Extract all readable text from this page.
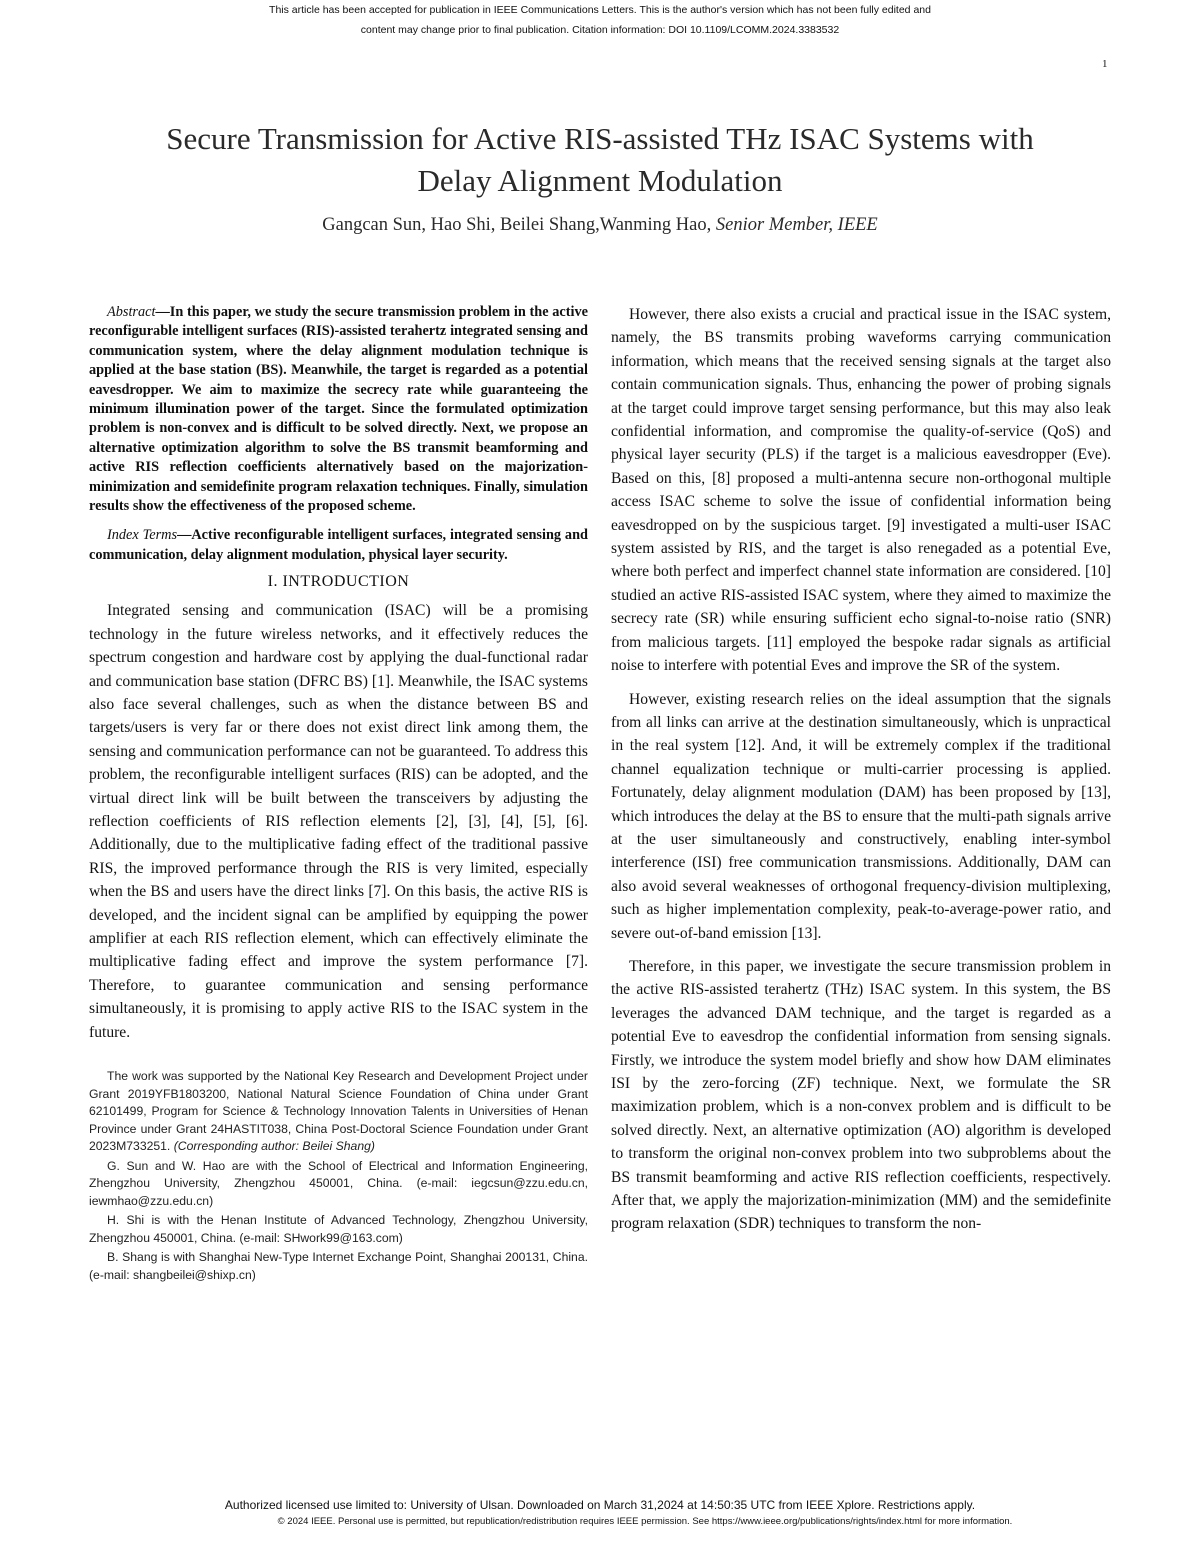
This article has been accepted for publication in IEEE Communications Letters. This is the author's version which has not been fully edited and
content may change prior to final publication. Citation information: DOI 10.1109/LCOMM.2024.3383532
1
Secure Transmission for Active RIS-assisted THz ISAC Systems with
Delay Alignment Modulation
Gangcan Sun, Hao Shi, Beilei Shang,Wanming Hao, Senior Member, IEEE

Abstract—In this paper, we study the secure transmission problem in the active reconfigurable intelligent surfaces (RIS)-assisted terahertz integrated sensing and communication system, where the delay alignment modulation technique is applied at the base station (BS). Meanwhile, the target is regarded as a potential eavesdropper. We aim to maximize the secrecy rate while guaranteeing the minimum illumination power of the target. Since the formulated optimization problem is non-convex and is difficult to be solved directly. Next, we propose an alternative optimization algorithm to solve the BS transmit beamforming and active RIS reflection coefficients alternatively based on the majorization-minimization and semidefinite program relaxation techniques. Finally, simulation results show the effectiveness of the proposed scheme.

Index Terms—Active reconfigurable intelligent surfaces, integrated sensing and communication, delay alignment modulation, physical layer security.

I. INTRODUCTION

Integrated sensing and communication (ISAC) will be a promising technology in the future wireless networks, and it effectively reduces the spectrum congestion and hardware cost by applying the dual-functional radar and communication base station (DFRC BS) [1]. Meanwhile, the ISAC systems also face several challenges, such as when the distance between BS and targets/users is very far or there does not exist direct link among them, the sensing and communication performance can not be guaranteed. To address this problem, the reconfigurable intelligent surfaces (RIS) can be adopted, and the virtual direct link will be built between the transceivers by adjusting the reflection coefficients of RIS reflection elements [2], [3], [4], [5], [6]. Additionally, due to the multiplicative fading effect of the traditional passive RIS, the improved performance through the RIS is very limited, especially when the BS and users have the direct links [7]. On this basis, the active RIS is developed, and the incident signal can be amplified by equipping the power amplifier at each RIS reflection element, which can effectively eliminate the multiplicative fading effect and improve the system performance [7]. Therefore, to guarantee communication and sensing performance simultaneously, it is promising to apply active RIS to the ISAC system in the future.

The work was supported by the National Key Research and Development Project under Grant 2019YFB1803200, National Natural Science Foundation of China under Grant 62101499, Program for Science & Technology Innovation Talents in Universities of Henan Province under Grant 24HASTIT038, China Post-Doctoral Science Foundation under Grant 2023M733251. (Corresponding author: Beilei Shang)

G. Sun and W. Hao are with the School of Electrical and Information Engineering, Zhengzhou University, Zhengzhou 450001, China. (e-mail: iegcsun@zzu.edu.cn, iewmhao@zzu.edu.cn)

H. Shi is with the Henan Institute of Advanced Technology, Zhengzhou University, Zhengzhou 450001, China. (e-mail: SHwork99@163.com)

B. Shang is with Shanghai New-Type Internet Exchange Point, Shanghai 200131, China. (e-mail: shangbeilei@shixp.cn)

However, there also exists a crucial and practical issue in the ISAC system, namely, the BS transmits probing waveforms carrying communication information, which means that the received sensing signals at the target also contain communication signals. Thus, enhancing the power of probing signals at the target could improve target sensing performance, but this may also leak confidential information, and compromise the quality-of-service (QoS) and physical layer security (PLS) if the target is a malicious eavesdropper (Eve). Based on this, [8] proposed a multi-antenna secure non-orthogonal multiple access ISAC scheme to solve the issue of confidential information being eavesdropped on by the suspicious target. [9] investigated a multi-user ISAC system assisted by RIS, and the target is also renegaded as a potential Eve, where both perfect and imperfect channel state information are considered. [10] studied an active RIS-assisted ISAC system, where they aimed to maximize the secrecy rate (SR) while ensuring sufficient echo signal-to-noise ratio (SNR) from malicious targets. [11] employed the bespoke radar signals as artificial noise to interfere with potential Eves and improve the SR of the system.

However, existing research relies on the ideal assumption that the signals from all links can arrive at the destination simultaneously, which is unpractical in the real system [12]. And, it will be extremely complex if the traditional channel equalization technique or multi-carrier processing is applied. Fortunately, delay alignment modulation (DAM) has been proposed by [13], which introduces the delay at the BS to ensure that the multi-path signals arrive at the user simultaneously and constructively, enabling inter-symbol interference (ISI) free communication transmissions. Additionally, DAM can also avoid several weaknesses of orthogonal frequency-division multiplexing, such as higher implementation complexity, peak-to-average-power ratio, and severe out-of-band emission [13].

Therefore, in this paper, we investigate the secure transmission problem in the active RIS-assisted terahertz (THz) ISAC system. In this system, the BS leverages the advanced DAM technique, and the target is regarded as a potential Eve to eavesdrop the confidential information from sensing signals. Firstly, we introduce the system model briefly and show how DAM eliminates ISI by the zero-forcing (ZF) technique. Next, we formulate the SR maximization problem, which is a non-convex problem and is difficult to be solved directly. Next, an alternative optimization (AO) algorithm is developed to transform the original non-convex problem into two subproblems about the BS transmit beamforming and active RIS reflection coefficients, respectively. After that, we apply the majorization-minimization (MM) and the semidefinite program relaxation (SDR) techniques to transform the non-

Authorized licensed use limited to: University of Ulsan. Downloaded on March 31,2024 at 14:50:35 UTC from IEEE Xplore. Restrictions apply.
© 2024 IEEE. Personal use is permitted, but republication/redistribution requires IEEE permission. See https://www.ieee.org/publications/rights/index.html for more information.
